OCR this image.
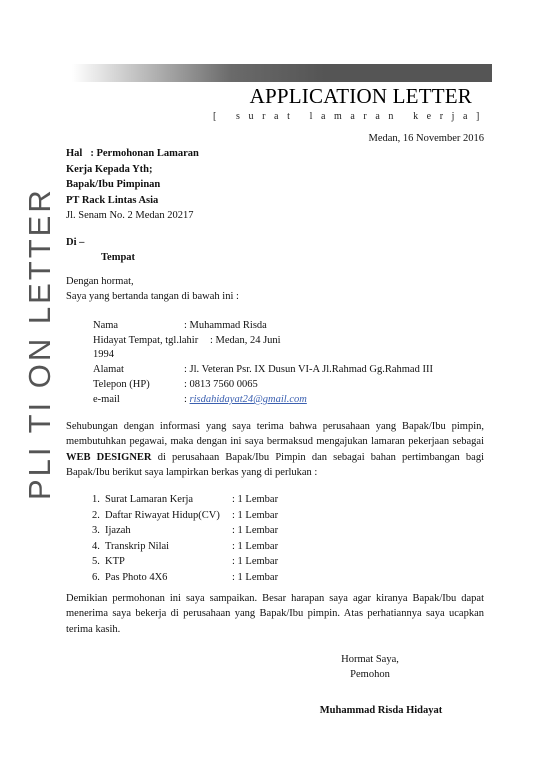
APPLICATION LETTER
[ surat lamaran kerja]
PLI TI ON LETTER
Medan, 16 November 2016
Hal : Permohonan Lamaran
Kerja Kepada Yth;
Bapak/Ibu Pimpinan
PT Rack Lintas Asia
Jl. Senam No. 2 Medan 20217
Di –
Tempat
Dengan hormat,
Saya yang bertanda tangan di bawah ini :
Nama	: Muhammad Risda
Hidayat Tempat, tgl.lahir : Medan, 24 Juni
1994
Alamat	: Jl. Veteran Psr. IX Dusun VI-A Jl.Rahmad Gg.Rahmad III
Telepon (HP)	: 0813 7560 0065
e-mail	: risdahidayat24@gmail.com
Sehubungan dengan informasi yang saya terima bahwa perusahaan yang Bapak/Ibu pimpin, membutuhkan pegawai, maka dengan ini saya bermaksud mengajukan lamaran pekerjaan sebagai WEB DESIGNER di perusahaan Bapak/Ibu Pimpin dan sebagai bahan pertimbangan bagi Bapak/Ibu berikut saya lampirkan berkas yang di perlukan :
1. Surat Lamaran Kerja	: 1 Lembar
2. Daftar Riwayat Hidup(CV) : 1 Lembar
3. Ijazah	: 1 Lembar
4. Transkrip Nilai	: 1 Lembar
5. KTP	: 1 Lembar
6. Pas Photo 4X6	: 1 Lembar
Demikian permohonan ini saya sampaikan. Besar harapan saya agar kiranya Bapak/Ibu dapat menerima saya bekerja di perusahaan yang Bapak/Ibu pimpin. Atas perhatiannya saya ucapkan terima kasih.
Hormat Saya,
Pemohon
Muhammad Risda Hidayat
